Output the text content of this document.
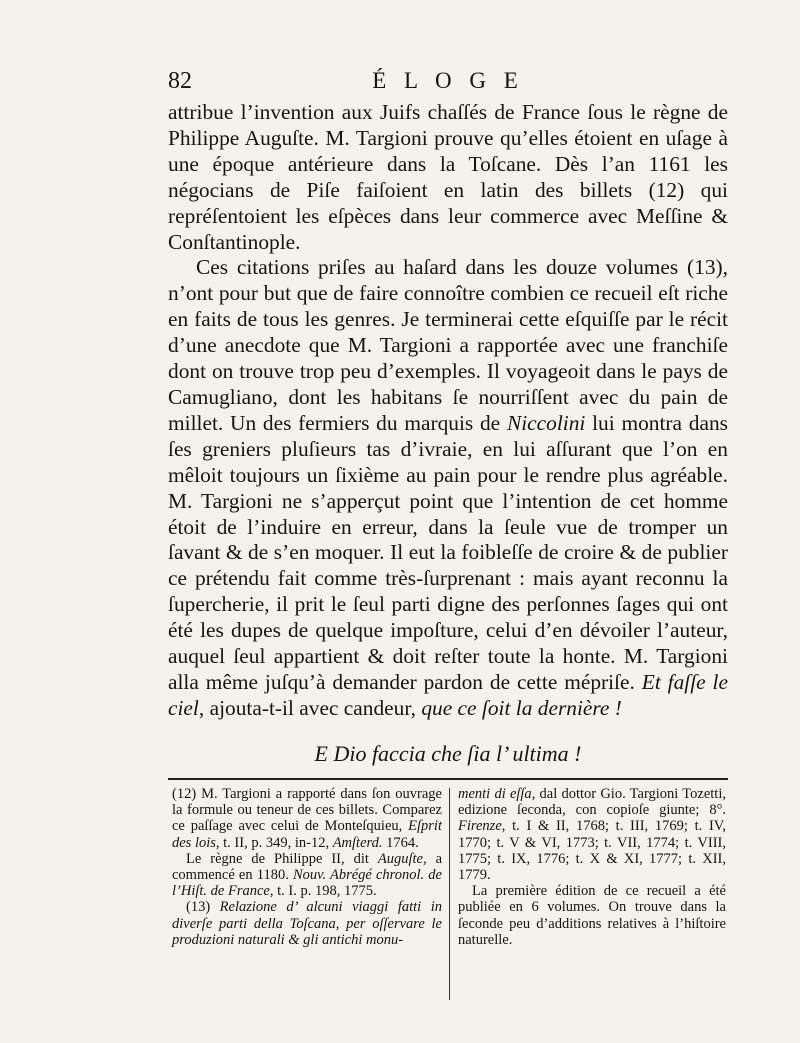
82	É L O G E

attribue l’invention aux Juifs chaſſés de France ſous le règne de Philippe Auguſte. M. Targioni prouve qu’elles étoient en uſage à une époque antérieure dans la Toſcane. Dès l’an 1161 les négocians de Piſe faiſoient en latin des billets (12) qui repréſentoient les eſpèces dans leur commerce avec Meſſine & Conſtantinople.

Ces citations priſes au haſard dans les douze volumes (13), n’ont pour but que de faire connoître combien ce recueil eſt riche en faits de tous les genres. Je terminerai cette eſquiſſe par le récit d’une anecdote que M. Targioni a rapportée avec une franchiſe dont on trouve trop peu d’exemples. Il voyageoit dans le pays de Camugliano, dont les habitans ſe nourriſſent avec du pain de millet. Un des fermiers du marquis de Niccolini lui montra dans ſes greniers pluſieurs tas d’ivraie, en lui aſſurant que l’on en mêloit toujours un ſixième au pain pour le rendre plus agréable. M. Targioni ne s’apperçut point que l’intention de cet homme étoit de l’induire en erreur, dans la ſeule vue de tromper un ſavant & de s’en moquer. Il eut la foibleſſe de croire & de publier ce prétendu fait comme très-ſurprenant : mais ayant reconnu la ſupercherie, il prit le ſeul parti digne des perſonnes ſages qui ont été les dupes de quelque impoſture, celui d’en dévoiler l’auteur, auquel ſeul appartient & doit reſter toute la honte. M. Targioni alla même juſqu’à demander pardon de cette mépriſe. Et faſſe le ciel, ajouta-t-il avec candeur, que ce ſoit la dernière !

E Dio faccia che ſia l’ ultima !

(12) M. Targioni a rapporté dans ſon ouvrage la formule ou teneur de ces billets. Comparez ce paſſage avec celui de Monteſquieu, Eſprit des lois, t. II, p. 349, in-12, Amſterd. 1764.

Le règne de Philippe II, dit Auguſte, a commencé en 1180. Nouv. Abrégé chronol. de l’Hiſt. de France, t. I. p. 198, 1775.

(13) Relazione d’ alcuni viaggi fatti in diverſe parti della Toſcana, per oſſervare le produzioni naturali & gli antichi monu-

menti di eſſa, dal dottor Gio. Targioni Tozetti, edizione ſeconda, con copioſe giunte; 8°. Firenze, t. I & II, 1768; t. III, 1769; t. IV, 1770; t. V & VI, 1773; t. VII, 1774; t. VIII, 1775; t. IX, 1776; t. X & XI, 1777; t. XII, 1779.

La première édition de ce recueil a été publiée en 6 volumes. On trouve dans la ſeconde peu d’additions relatives à l’hiſtoire naturelle.
